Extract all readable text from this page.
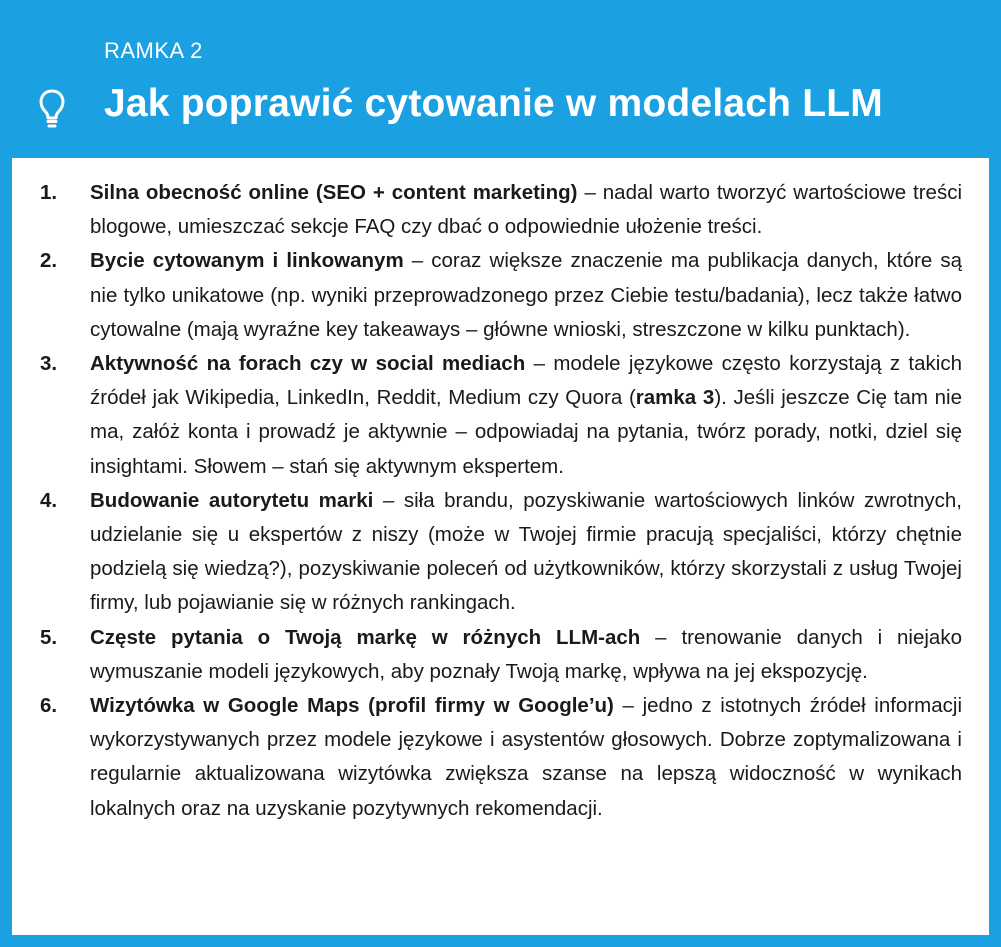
RAMKA 2
Jak poprawić cytowanie w modelach LLM
1. Silna obecność online (SEO + content marketing) – nadal warto tworzyć wartościowe treści blogowe, umieszczać sekcje FAQ czy dbać o odpowiednie ułożenie treści.
2. Bycie cytowanym i linkowanym – coraz większe znaczenie ma publikacja danych, które są nie tylko unikatowe (np. wyniki przeprowadzonego przez Ciebie testu/badania), lecz także łatwo cytowalne (mają wyraźne key takeaways – główne wnioski, streszczone w kilku punktach).
3. Aktywność na forach czy w social mediach – modele językowe często korzystają z takich źródeł jak Wikipedia, LinkedIn, Reddit, Medium czy Quora (ramka 3). Jeśli jeszcze Cię tam nie ma, załóż konta i prowadź je aktywnie – odpowiadaj na pytania, twórz porady, notki, dziel się insightami. Słowem – stań się aktywnym ekspertem.
4. Budowanie autorytetu marki – siła brandu, pozyskiwanie wartościowych linków zwrotnych, udzielanie się u ekspertów z niszy (może w Twojej firmie pracują specjaliści, którzy chętnie podzielą się wiedzą?), pozyskiwanie poleceń od użytkowników, którzy skorzystali z usług Twojej firmy, lub pojawianie się w różnych rankingach.
5. Częste pytania o Twoją markę w różnych LLM-ach – trenowanie danych i niejako wymuszanie modeli językowych, aby poznały Twoją markę, wpływa na jej ekspozycję.
6. Wizytówka w Google Maps (profil firmy w Google’u) – jedno z istotnych źródeł informacji wykorzystywanych przez modele językowe i asystentów głosowych. Dobrze zoptymalizowana i regularnie aktualizowana wizytówka zwiększa szanse na lepszą widoczność w wynikach lokalnych oraz na uzyskanie pozytywnych rekomendacji.
